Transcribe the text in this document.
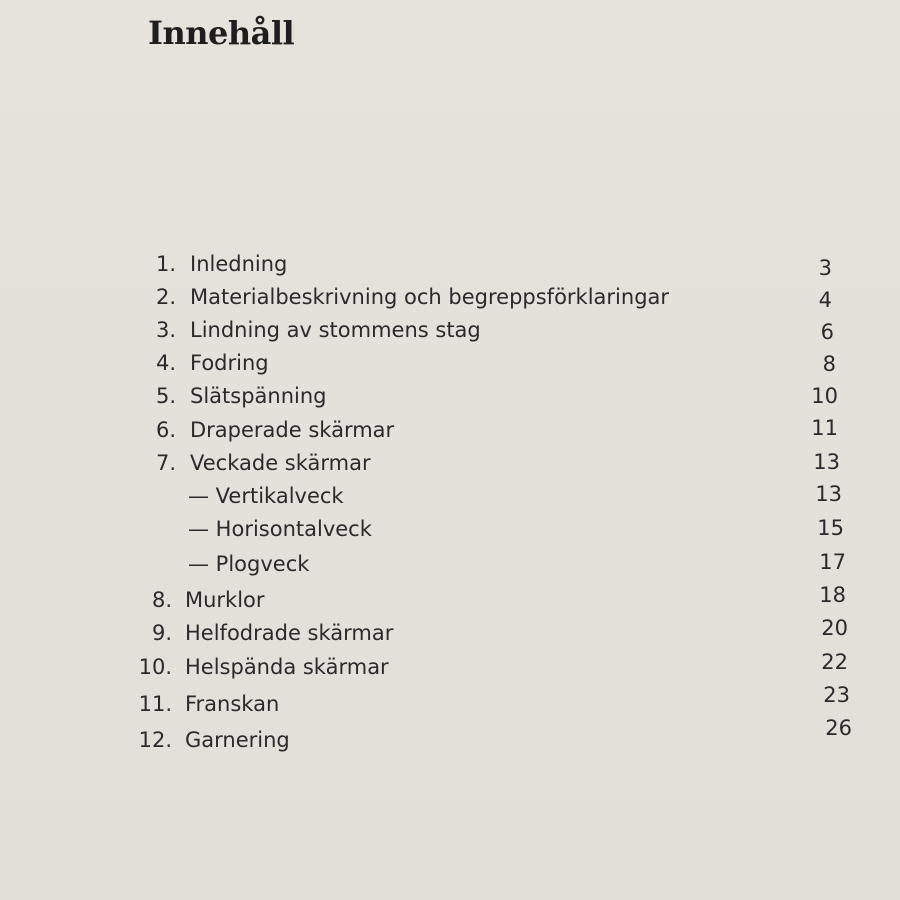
Innehåll
1. Inledning	3
2. Materialbeskrivning och begreppsförklaringar	4
3. Lindning av stommens stag	6
4. Fodring	8
5. Slätspänning	10
6. Draperade skärmar	11
7. Veckade skärmar	13
— Vertikalveck	13
— Horisontalveck	15
— Plogveck	17
8. Murklor	18
9. Helfodrade skärmar	20
10. Helspända skärmar	22
11. Franskan	23
12. Garnering	26
